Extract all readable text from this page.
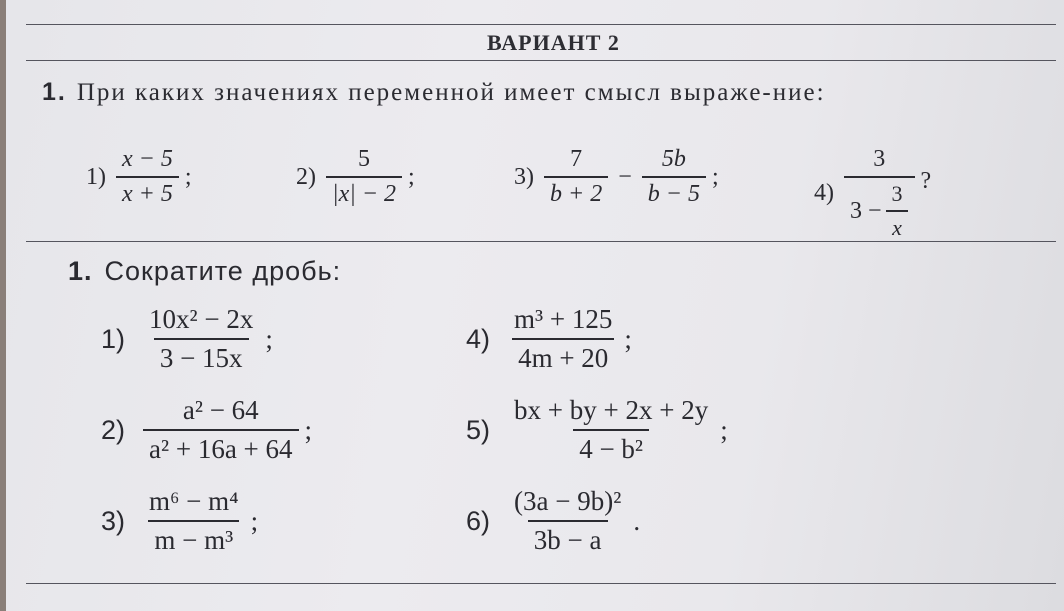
ВАРИАНТ 2
1. При каких значениях переменной имеет смысл выраже-ние:
$1) \frac{x - 5}{x + 5}$ ;	$2) \frac{5}{|x| - 2}$ ;	$3) \frac{7}{b + 2} - \frac{5b}{b - 5}$ ;
$4) \frac{3}{3 - \frac{3}{x}}$ ?
1. Сократите дробь:
$1) \frac{\text{10x² − 2x}}{3 - 15x}$ ;
$2) \frac{\text{a² − 64}}{\text{a² + 16a + 64}}$ ;
$3) \frac{\text{m⁶ − m⁴}}{\text{m − m³}}$ ;
$4) \frac{\text{m³ + 125}}{4m + 20}$ ;
$5) \frac{bx + by + 2x + 2y}{\text{4 − b²}}$ ;
$6) \frac{\text{(3a − 9b)²}}{3b - a}$ .
